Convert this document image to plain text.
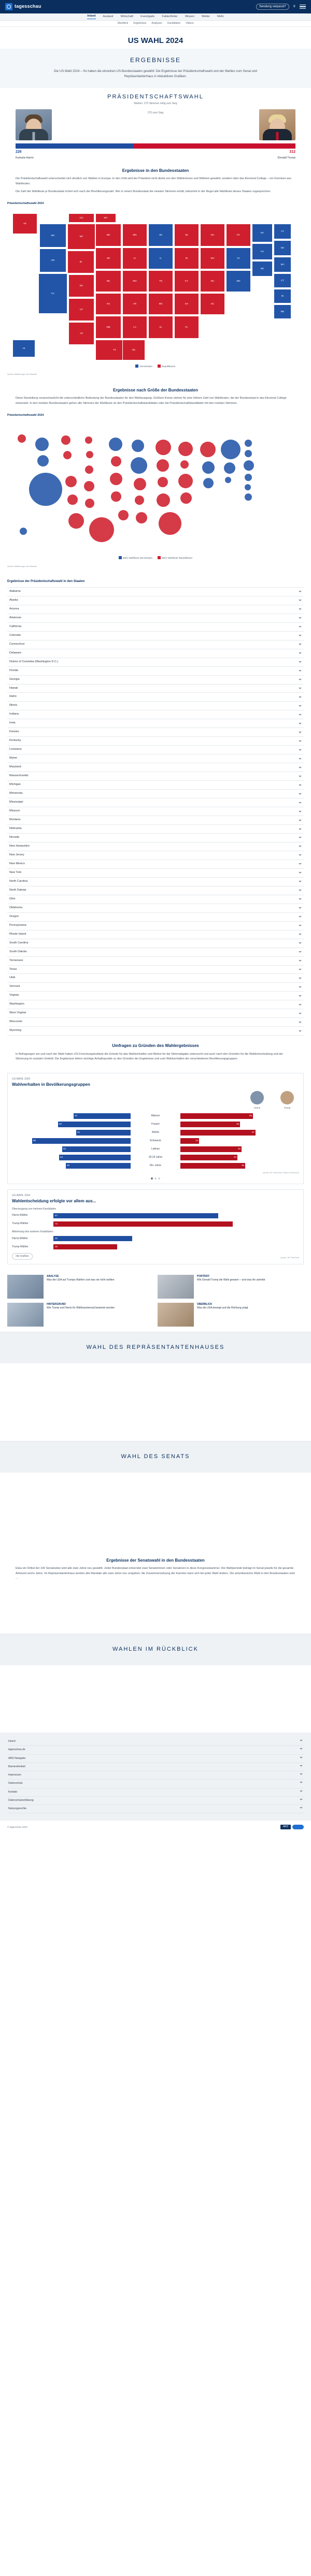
tagesschau	Sendung verpasst?	⚲
Inland	Ausland	Wirtschaft	Investigativ	Faktenfinder	Wissen	Wetter	Mehr
Überblick Ergebnisse Analysen Kandidaten Videos
US WAHL 2024
ERGEBNISSE

Die US-Wahl 2024 – So haben die einzelnen US-Bundesstaaten gewählt: Die Ergebnisse der Präsidentschaftswahl und der Wahlen zum Senat und Repräsentantenhaus in interaktiven Grafiken.

PRÄSIDENTSCHAFTSWAHL
Wahlen: 270 Stimmen nötig zum Sieg
270 zum Sieg
226	312
Kamala Harris	Donald Trump
Ergebnisse in den Bundesstaaten

Die Präsidentschaftswahl unterscheidet sich deutlich von Wahlen in Europa: In den USA wird der Präsident nicht direkt von den Wählerinnen und Wählern gewählt, sondern über das Electoral College – ein Gremium aus Wahlleuten.

Die Zahl der Wahlleute je Bundesstaat richtet sich nach der Bevölkerungszahl. Wer in einem Bundesstaat die meisten Stimmen erhält, bekommt in der Regel alle Wahlleute dieses Staates zugesprochen.

Präsidentschaftswahl 2024
AK
WA
OR
MT
ID
CA
NV
ND
SD
NE
KS
UT
AZ
NM
TX
MN
IA
MO
AR
LA
WI
IL
TN
MS
AL
MI
IN
KY
GA
FL
OH
WV
NC
SC
PA
VA
MD
NY
NJ
DE
VT
NH
MA
CT
RI
ME
WY
CO
HI
OK
Demokraten	Republikaner
Quelle: Mitteilungen der Staaten
Ergebnisse nach Größe der Bundesstaaten

Diese Darstellung veranschaulicht die unterschiedliche Bedeutung der Bundesstaaten für den Wahlausgang. Größere Kreise stehen für eine höhere Zahl von Wahlleuten, die der Bundesstaat in das Electoral College entsendet. In den meisten Bundesstaaten gehen alle Stimmen der Wahlleute an den Präsidentschaftskandidaten oder die Präsidentschaftskandidatin mit den meisten Stimmen.

Präsidentschaftswahl 2024
Mehr Wahlleute Demokraten	Mehr Wahlleute Republikaner
Quelle: Mitteilungen der Staaten
Ergebnisse der Präsidentschaftswahl in den Staaten
Alabama
Alaska
Arizona
Arkansas
California
Colorado
Connecticut
Delaware
District of Columbia (Washington D.C.)
Florida
Georgia
Hawaii
Idaho
Illinois
Indiana
Iowa
Kansas
Kentucky
Louisiana
Maine
Maryland
Massachusetts
Michigan
Minnesota
Mississippi
Missouri
Montana
Nebraska
Nevada
New Hampshire
New Jersey
New Mexico
New York
North Carolina
North Dakota
Ohio
Oklahoma
Oregon
Pennsylvania
Rhode Island
South Carolina
South Dakota
Tennessee
Texas
Utah
Vermont
Virginia
Washington
West Virginia
Wisconsin
Wyoming
Umfragen zu Gründen des Wahlergebnisses

In Befragungen am und nach der Wahl haben US-Forschungsinstitute die Gründe für das Wahlverhalten und Motive für die Stimmabgabe untersucht und auch nach den Gründen für die Wahlentscheidung und der Stimmung im sozialen Umfeld. Die Ergebnisse liefern wichtige Anhaltspunkte zu den Gründen der Ergebnisse und zum Wahlverhalten der verschiedenen Bevölkerungsgruppen.

US-WAHL 2024
Wahlverhalten in Bevölkerungsgruppen
Harris	Trump
42	Männer	55
53	Frauen	45
41	Weiße	57
85	Schwarze	13
52	Latinos	46
54	18-29 Jahre	43
49	65+ Jahre	49
Quelle: AP VoteCast / Edison Research
US-WAHL 2024
Wahlentscheidung erfolgte vor allem aus...
Überzeugung von meinem Kandidaten
Harris-Wähler	67
Trump-Wähler	73
Ablehnung des anderen Kandidaten
Harris-Wähler	32
Trump-Wähler	26
Alle Grafiken	Quelle: AP VoteCast
ANALYSE
Was die USA auf Trumps Wahlen und was sie nicht wollten
PORTRÄT
Wie Donald Trump die Wahl gewann – und was ihn antreibt
HINTERGRUND
Wie Trump und Harris ihr Wählerpotenzial bewertet wurden
ÜBERBLICK
Was die USA bewegt und die Richtung prägt
WAHL DES REPRÄSENTANTENHAUSES
WAHL DES SENATS
Ergebnisse der Senatswahl in den Bundesstaaten

Etwa ein Drittel der 100 Senatssitze wird alle zwei Jahre neu gewählt. Jeder Bundesstaat entsendet zwei Senatorinnen oder Senatoren in diese Kongresskammer. Die Wahlperiode beträgt im Senat jeweils für die gesamte Amtszeit sechs Jahre. Im Repräsentantenhaus werden alle Mandate alle zwei Jahre neu vergeben; die Zusammensetzung der Kammer kann sich bei jeder Wahl ändern. Die amerikanische Wahl in den Bundesstaaten wird ...

WAHLEN IM RÜCKBLICK
Inland
tagesschau.de
ARD-Navigator
Barrierefreiheit
Impressum
Datenschutz
Kontakt
Datenschutzerklärung
Nutzungsrechte
© tagesschau 2024	ARD
